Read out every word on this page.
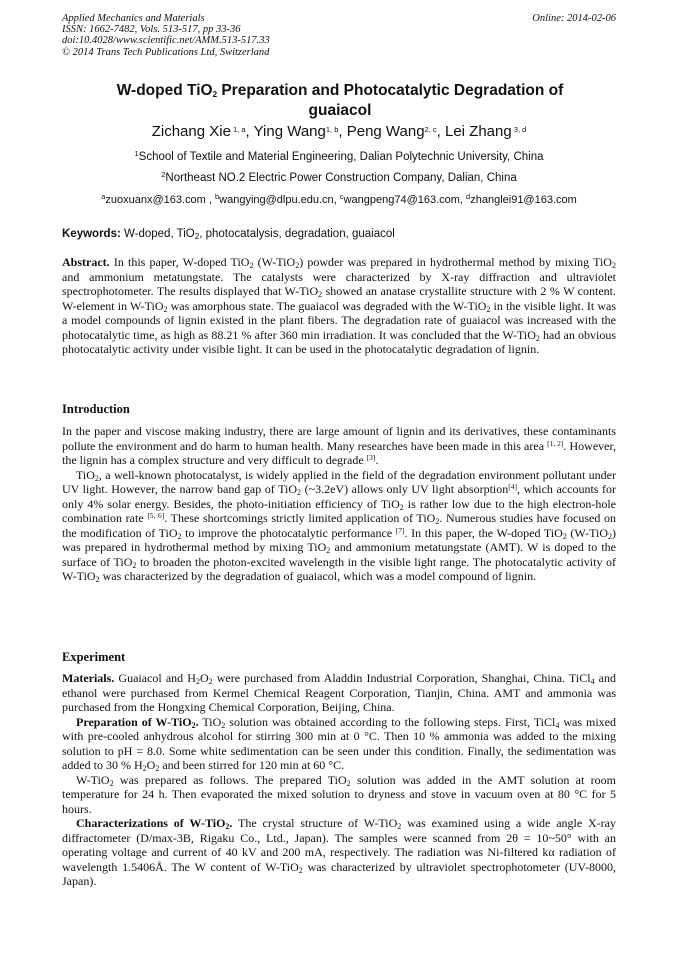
Applied Mechanics and Materials
ISSN: 1662-7482, Vols. 513-517, pp 33-36
doi:10.4028/www.scientific.net/AMM.513-517.33
© 2014 Trans Tech Publications Ltd, Switzerland
Online: 2014-02-06
W-doped TiO$_2$ Preparation and Photocatalytic Degradation of guaiacol
Zichang Xie $^{1, a}$, Ying Wang$^{1, b}$, Peng Wang$^{2, c}$, Lei Zhang $^{3, d}$
$^1$School of Textile and Material Engineering, Dalian Polytechnic University, China
$^2$Northeast NO.2 Electric Power Construction Company, Dalian, China
$^a$zuoxuanx@163.com , $^b$wangying@dlpu.edu.cn, $^c$wangpeng74@163.com, $^d$zhanglei91@163.com
Keywords: W-doped, TiO$_2$, photocatalysis, degradation, guaiacol

Abstract. In this paper, W-doped TiO$_2$ (W-TiO$_2$) powder was prepared in hydrothermal method by mixing TiO$_2$ and ammonium metatungstate. The catalysts were characterized by X-ray diffraction and ultraviolet spectrophotometer. The results displayed that W-TiO$_2$ showed an anatase crystallite structure with 2 % W content. W-element in W-TiO$_2$ was amorphous state. The guaiacol was degraded with the W-TiO$_2$ in the visible light. It was a model compounds of lignin existed in the plant fibers. The degradation rate of guaiacol was increased with the photocatalytic time, as high as 88.21 % after 360 min irradiation. It was concluded that the W-TiO$_2$ had an obvious photocatalytic activity under visible light. It can be used in the photocatalytic degradation of lignin.

Introduction

In the paper and viscose making industry, there are large amount of lignin and its derivatives, these contaminants pollute the environment and do harm to human health. Many researches have been made in this area [1, 2]. However, the lignin has a complex structure and very difficult to degrade [3].

TiO$_2$, a well-known photocatalyst, is widely applied in the field of the degradation environment pollutant under UV light. However, the narrow band gap of TiO$_2$ (~3.2eV) allows only UV light absorption[4], which accounts for only 4% solar energy. Besides, the photo-initiation efficiency of TiO$_2$ is rather low due to the high electron-hole combination rate [5, 6]. These shortcomings strictly limited application of TiO$_2$. Numerous studies have focused on the modification of TiO$_2$ to improve the photocatalytic performance [7]. In this paper, the W-doped TiO$_2$ (W-TiO$_2$) was prepared in hydrothermal method by mixing TiO$_2$ and ammonium metatungstate (AMT). W is doped to the surface of TiO$_2$ to broaden the photon-excited wavelength in the visible light range. The photocatalytic activity of W-TiO$_2$ was characterized by the degradation of guaiacol, which was a model compound of lignin.

Experiment

Materials. Guaiacol and $H_2O_2$ were purchased from Aladdin Industrial Corporation, Shanghai, China. TiCl$_4$ and ethanol were purchased from Kermel Chemical Reagent Corporation, Tianjin, China. AMT and ammonia was purchased from the Hongxing Chemical Corporation, Beijing, China.

Preparation of W-TiO$_2$. TiO$_2$ solution was obtained according to the following steps. First, TiCl$_4$ was mixed with pre-cooled anhydrous alcohol for stirring 300 min at 0 °C. Then 10 % ammonia was added to the mixing solution to pH = 8.0. Some white sedimentation can be seen under this condition. Finally, the sedimentation was added to 30 % $H_2O_2$ and been stirred for 120 min at 60 °C.

W-TiO$_2$ was prepared as follows. The prepared TiO$_2$ solution was added in the AMT solution at room temperature for 24 h. Then evaporated the mixed solution to dryness and stove in vacuum oven at 80 °C for 5 hours.

Characterizations of W-TiO$_2$. The crystal structure of W-TiO$_2$ was examined using a wide angle X-ray diffractometer (D/max-3B, Rigaku Co., Ltd., Japan). The samples were scanned from 2θ = 10~50° with an operating voltage and current of 40 kV and 200 mA, respectively. The radiation was Ni-filtered kα radiation of wavelength 1.5406Å. The W content of W-TiO$_2$ was characterized by ultraviolet spectrophotometer (UV-8000, Japan).
